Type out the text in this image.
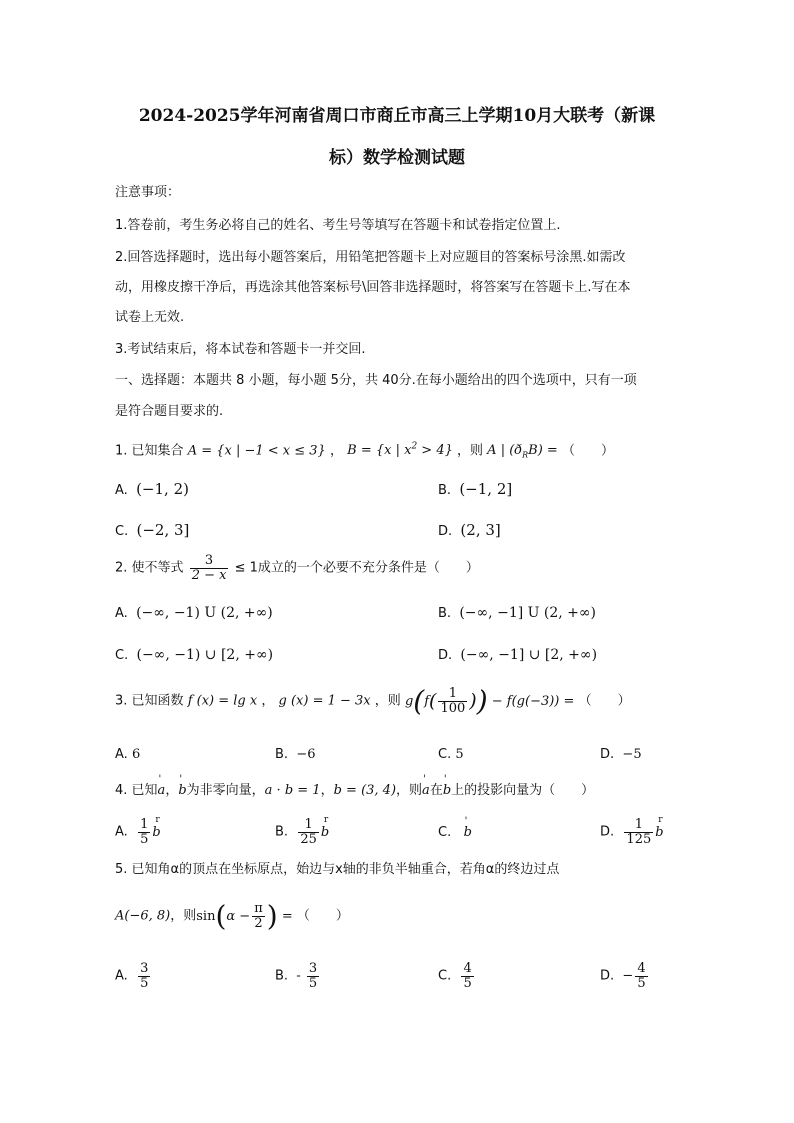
2024-2025学年河南省周口市商丘市高三上学期10月大联考（新课
标）数学检测试题
注意事项：
1.答卷前，考生务必将自己的姓名、考生号等填写在答题卡和试卷指定位置上.
2.回答选择题时，选出每小题答案后，用铅笔把答题卡上对应题目的答案标号涂黑.如需改
动，用橡皮擦干净后，再选涂其他答案标号\回答非选择题时，将答案写在答题卡上.写在本
试卷上无效.
3.考试结束后，将本试卷和答题卡一并交回.
一、选择题：本题共 8 小题，每小题 5分，共 40分.在每小题给出的四个选项中，只有一项
是符合题目要求的.
1. 已知集合 A = {x | −1 < x ≤ 3} ， B = {x | $x^2 > 4$} ，则 A | $(ð_RB)$ = （　　）
A. (−1, 2)	B. (−1, 2]
C. (−2, 3]	D. (2, 3]
2. 使不等式 $\frac{3}{2 - x} \le 1$成立的一个必要不充分条件是（　　）
A. (−∞, −1) U (2, +∞)	B. (−∞, −1] U (2, +∞)
C. (−∞, −1) ∪ [2, +∞)	D. (−∞, −1] ∪ [2, +∞)
3. 已知函数 f (x) = lg x ， g (x) = 1 − 3x ，则 $g(f( \frac{1}{100}$ )) − f(g(−3)) = （　　）
A. 6	B. −6	C. 5	D. −5
4. 已知' a，' b为非零向量，a · b = 1，b = (3, 4)，则' a在' b上的投影向量为（　　）
A. $\frac{1}{5}$ r b	B. $\frac{1}{25}$ r b	C. ' b	D. $\frac{1}{125}$ r b
5. 已知角α的顶点在坐标原点，始边与x轴的非负半轴重合，若角α的终边过点
A(−6, 8)，则$\sin(\alpha - \frac{\pi}{2}$ ) = （　　）
A. $\frac{3}{5}$	B. - $\frac{3}{5}$	C. $\frac{4}{5}$	D. − $\frac{4}{5}$
